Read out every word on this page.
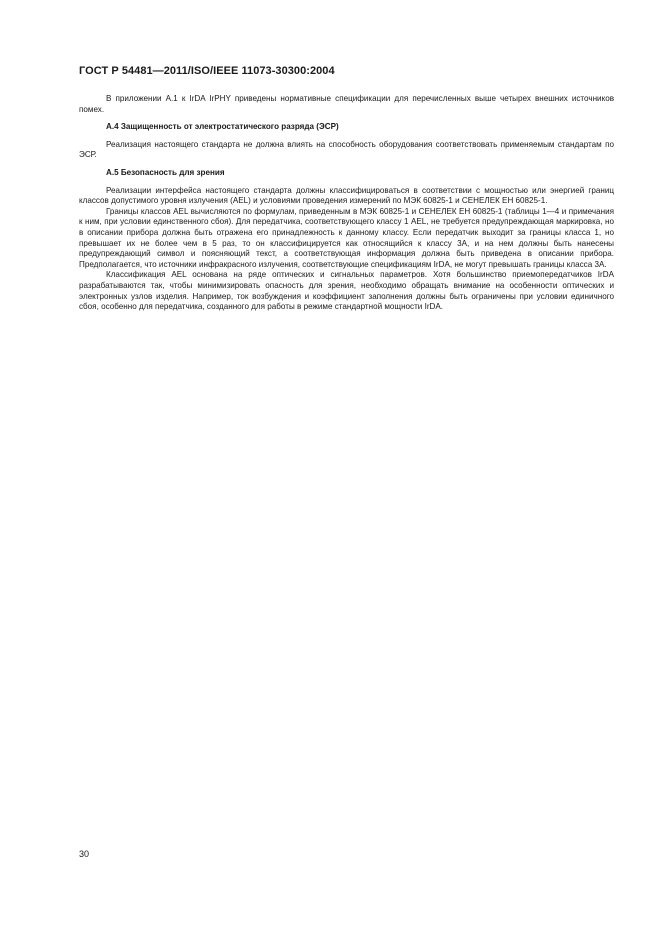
ГОСТ Р 54481—2011/ISO/IEEE 11073-30300:2004

В приложении А.1 к IrDA IrPHY приведены нормативные спецификации для перечисленных выше четырех внешних источников помех.

А.4 Защищенность от электростатического разряда (ЭСР)

Реализация настоящего стандарта не должна влиять на способность оборудования соответствовать применяемым стандартам по ЭСР.

А.5 Безопасность для зрения

Реализации интерфейса настоящего стандарта должны классифицироваться в соответствии с мощностью или энергией границ классов допустимого уровня излучения (AEL) и условиями проведения измерений по МЭК 60825-1 и СЕНЕЛЕК ЕН 60825-1.

Границы классов AEL вычисляются по формулам, приведенным в МЭК 60825-1 и СЕНЕЛЕК ЕН 60825-1 (таблицы 1—4 и примечания к ним, при условии единственного сбоя). Для передатчика, соответствующего классу 1 AEL, не требуется предупреждающая маркировка, но в описании прибора должна быть отражена его принадлежность к данному классу. Если передатчик выходит за границы класса 1, но превышает их не более чем в 5 раз, то он классифицируется как относящийся к классу 3А, и на нем должны быть нанесены предупреждающий символ и поясняющий текст, а соответствующая информация должна быть приведена в описании прибора. Предполагается, что источники инфракрасного излучения, соответствующие спецификациям IrDA, не могут превышать границы класса 3А.

Классификация AEL основана на ряде оптических и сигнальных параметров. Хотя большинство приемопередатчиков IrDA разрабатываются так, чтобы минимизировать опасность для зрения, необходимо обращать внимание на особенности оптических и электронных узлов изделия. Например, ток возбуждения и коэффициент заполнения должны быть ограничены при условии единичного сбоя, особенно для передатчика, созданного для работы в режиме стандартной мощности IrDA.

30
